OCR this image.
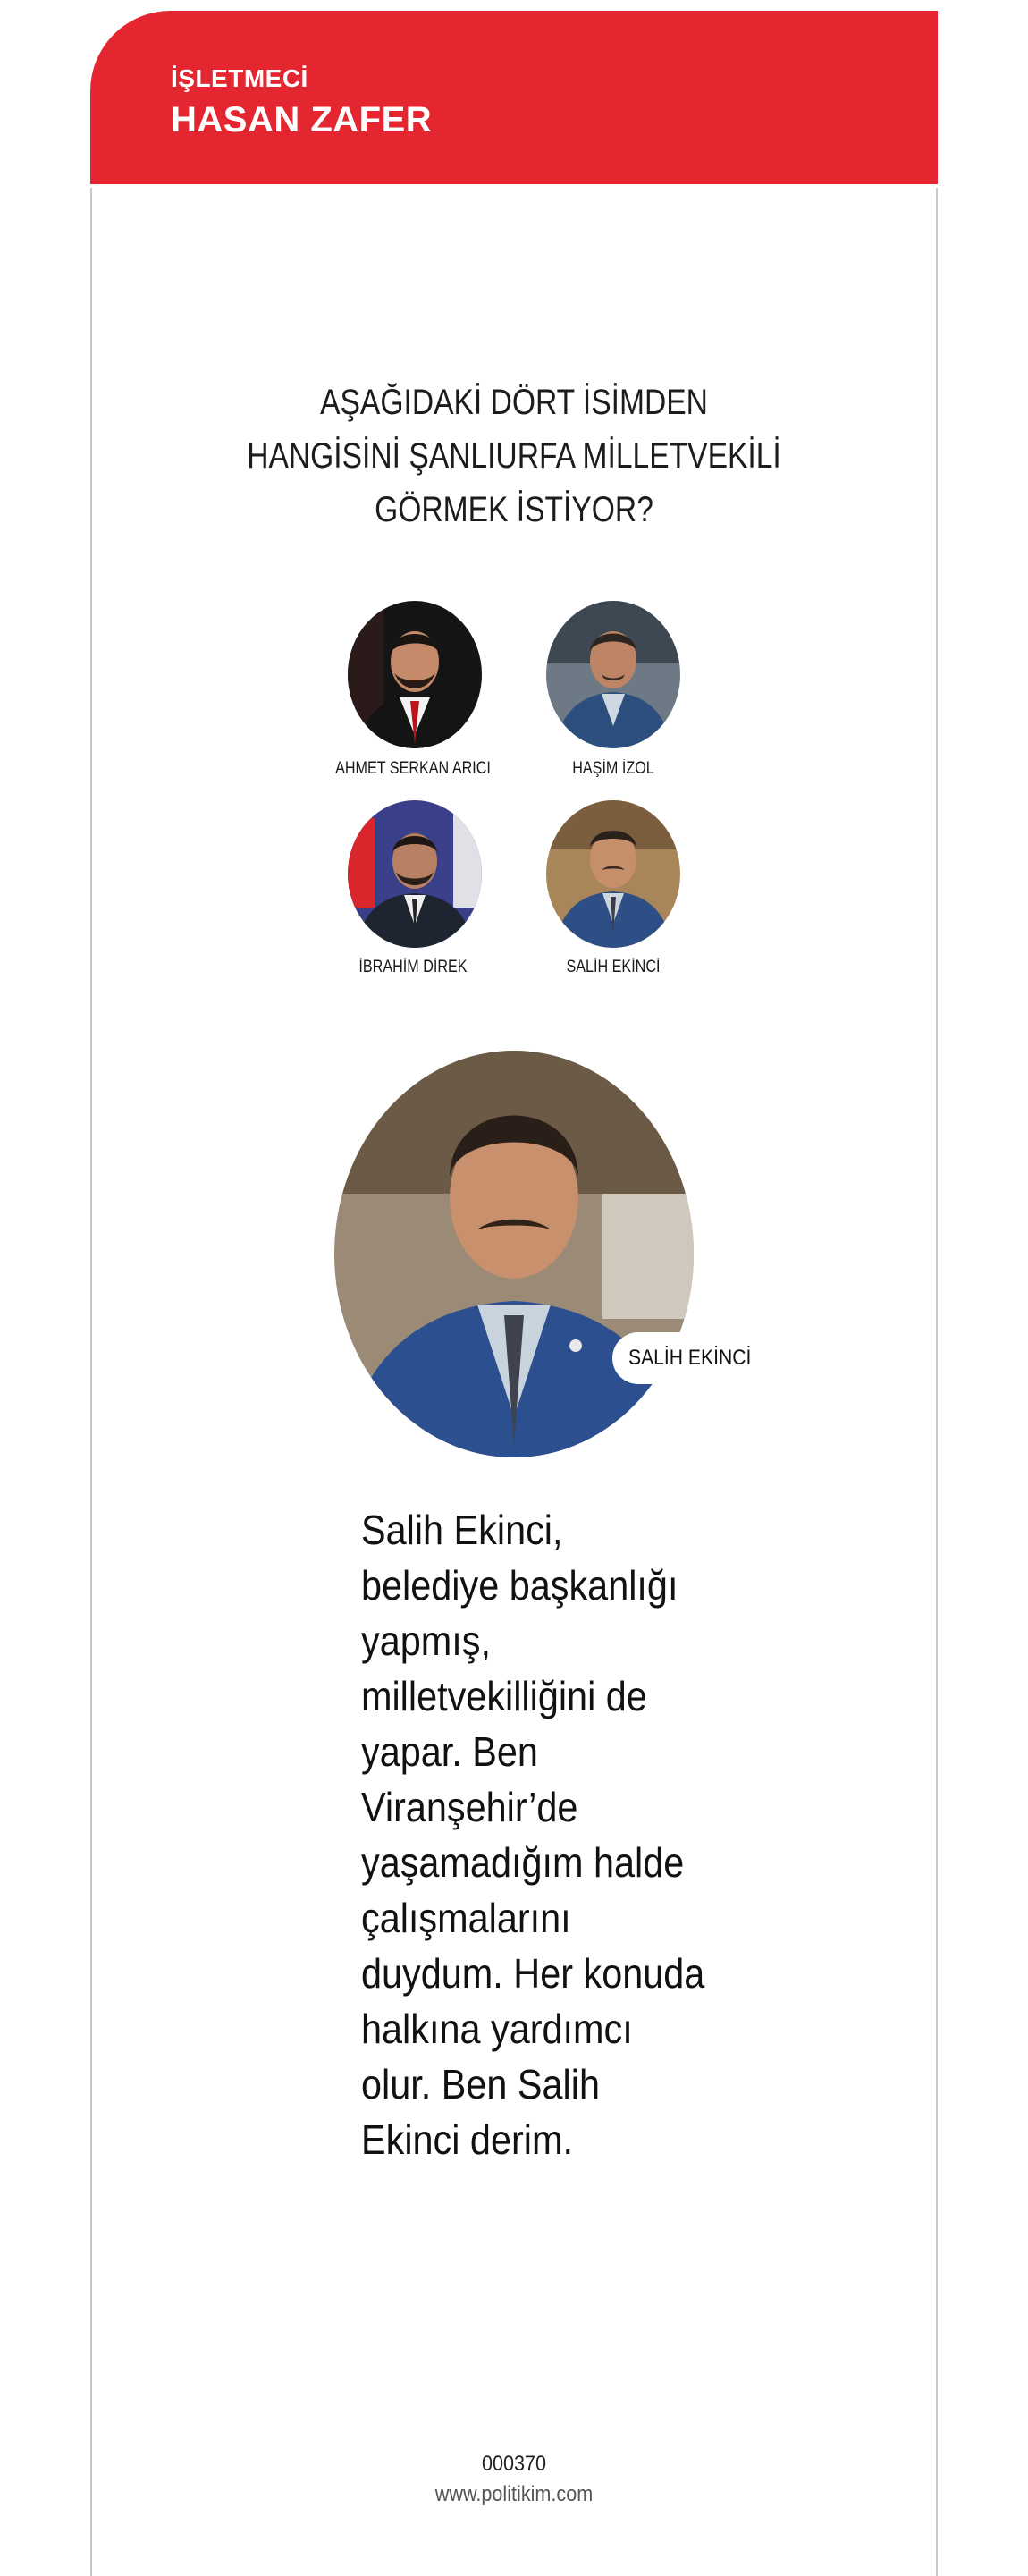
İŞLETMECİ
HASAN ZAFER
AŞAĞIDAKİ DÖRT İSİMDEN
HANGİSİNİ ŞANLIURFA MİLLETVEKİLİ
GÖRMEK İSTİYOR?
AHMET SERKAN ARICI	HAŞİM İZOL
İBRAHİM DİREK	SALİH EKİNCİ
SALİH EKİNCİ
Salih Ekinci,
belediye başkanlığı
yapmış,
milletvekilliğini de
yapar. Ben
Viranşehir’de
yaşamadığım halde
çalışmalarını
duydum. Her konuda
halkına yardımcı
olur. Ben Salih
Ekinci derim.
000370
www.politikim.com
